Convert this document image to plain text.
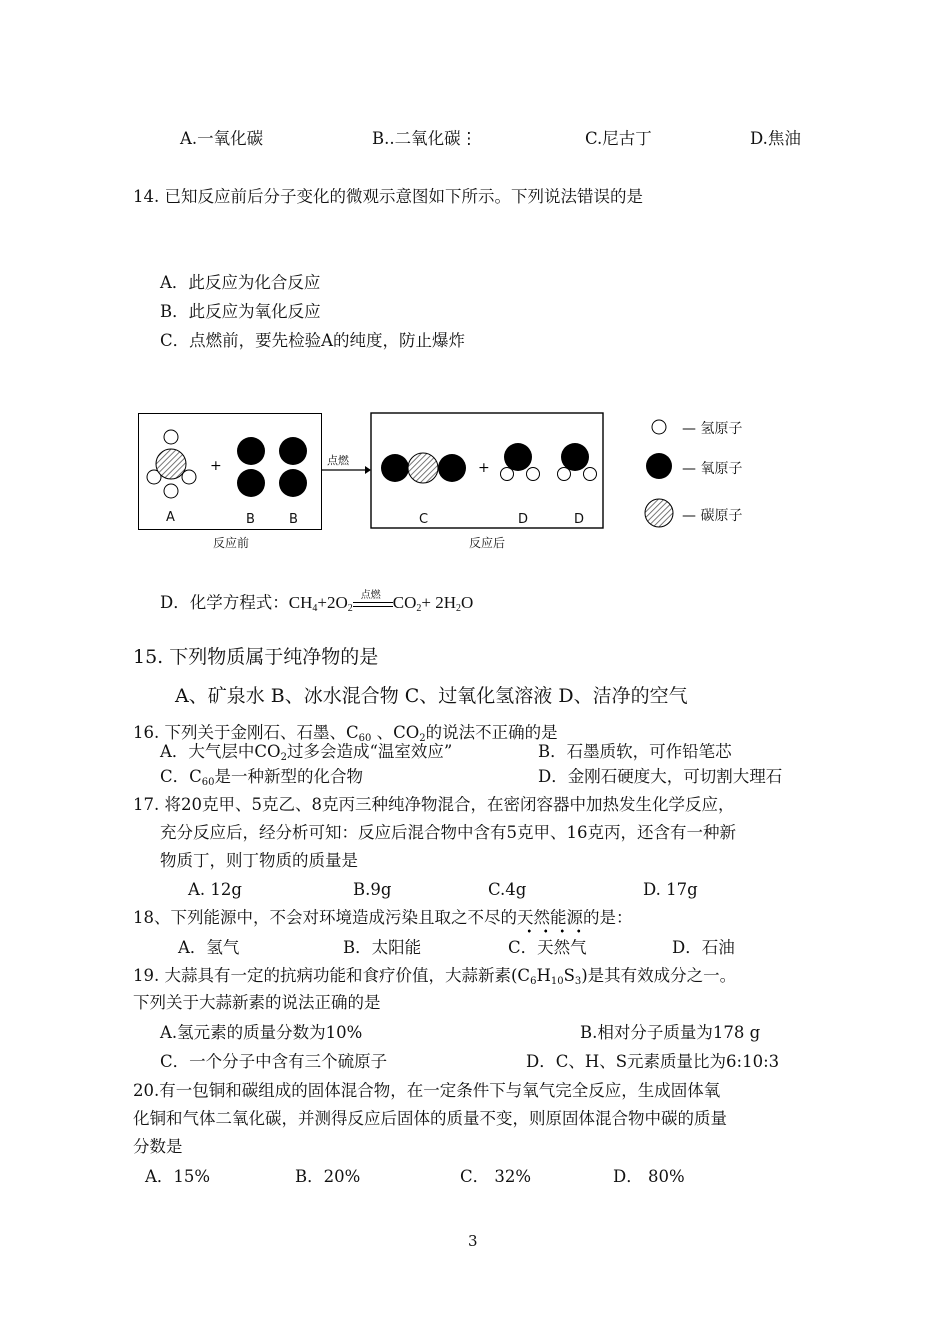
A.一氧化碳	B..二氧化碳⋮	C.尼古丁	D.焦油
14. 已知反应前后分子变化的微观示意图如下所示。下列说法错误的是
A．此反应为化合反应
B．此反应为氧化反应
C．点燃前，要先检验A的纯度，防止爆炸
+	+
A	B	B	C	D	D
点燃
反应前	反应后
— 氢原子
— 氧原子
— 碳原子
D．化学方程式：$CH_4+2O_2$
点燃 $CO_2+ 2H_2O$
15. 下列物质属于纯净物的是
A、矿泉水 B、冰水混合物 C、过氧化氢溶液 D、洁净的空气
16. 下列关于金刚石、石墨、$C_{60}$ 、$CO_2$的说法不正确的是
A．大气层中$CO_2$过多会造成“温室效应”	B．石墨质软，可作铅笔芯
C．$C_{60}$是一种新型的化合物	D．金刚石硬度大，可切割大理石
17. 将20克甲、5克乙、8克丙三种纯净物混合，在密闭容器中加热发生化学反应，
充分反应后，经分析可知：反应后混合物中含有5克甲、16克丙，还含有一种新
物质丁，则丁物质的质量是
A. 12g	B.9g	C.4g	D. 17g
18、下列能源中，不会对环境造成污染且取之不尽的天然能源的是：
A．氢气	B．太阳能	C．天然气	D．石油
19. 大蒜具有一定的抗病功能和食疗价值，大蒜新素$(C_6H_{10}S_3)$是其有效成分之一。
下列关于大蒜新素的说法正确的是
A.氢元素的质量分数为10%	B.相对分子质量为178 g
C．一个分子中含有三个硫原子	D．C、H、S元素质量比为6:10:3
20.有一包铜和碳组成的固体混合物，在一定条件下与氧气完全反应，生成固体氧
化铜和气体二氧化碳，并测得反应后固体的质量不变，则原固体混合物中碳的质量
分数是
A．15%	B．20%	C． 32%	D． 80%
3
